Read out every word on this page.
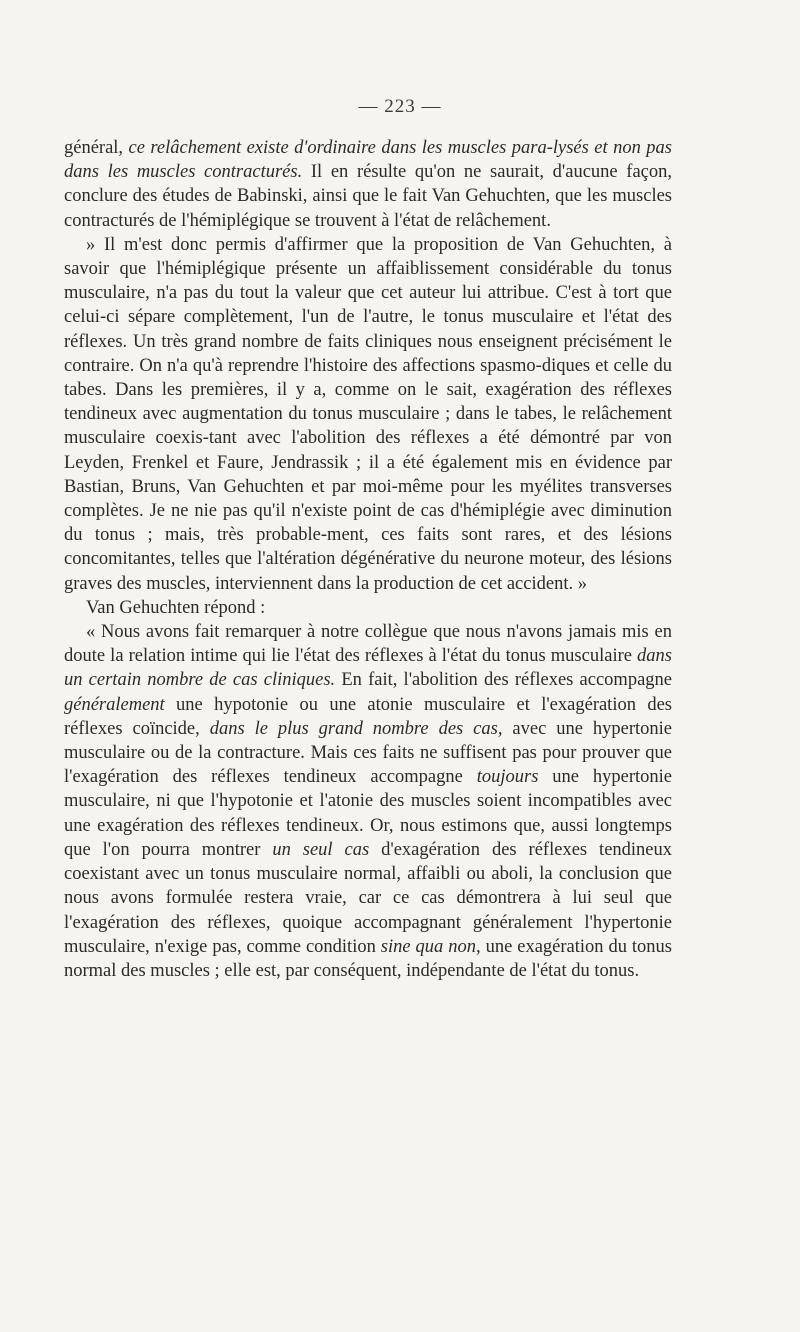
— 223 —

général, ce relâchement existe d'ordinaire dans les muscles para-lysés et non pas dans les muscles contracturés. Il en résulte qu'on ne saurait, d'aucune façon, conclure des études de Babinski, ainsi que le fait Van Gehuchten, que les muscles contracturés de l'hémiplégique se trouvent à l'état de relâchement.

» Il m'est donc permis d'affirmer que la proposition de Van Gehuchten, à savoir que l'hémiplégique présente un affaiblissement considérable du tonus musculaire, n'a pas du tout la valeur que cet auteur lui attribue. C'est à tort que celui-ci sépare complètement, l'un de l'autre, le tonus musculaire et l'état des réflexes. Un très grand nombre de faits cliniques nous enseignent précisément le contraire. On n'a qu'à reprendre l'histoire des affections spasmo-diques et celle du tabes. Dans les premières, il y a, comme on le sait, exagération des réflexes tendineux avec augmentation du tonus musculaire ; dans le tabes, le relâchement musculaire coexis-tant avec l'abolition des réflexes a été démontré par von Leyden, Frenkel et Faure, Jendrassik ; il a été également mis en évidence par Bastian, Bruns, Van Gehuchten et par moi-même pour les myélites transverses complètes. Je ne nie pas qu'il n'existe point de cas d'hémiplégie avec diminution du tonus ; mais, très probable-ment, ces faits sont rares, et des lésions concomitantes, telles que l'altération dégénérative du neurone moteur, des lésions graves des muscles, interviennent dans la production de cet accident. »

Van Gehuchten répond :

« Nous avons fait remarquer à notre collègue que nous n'avons jamais mis en doute la relation intime qui lie l'état des réflexes à l'état du tonus musculaire dans un certain nombre de cas cliniques. En fait, l'abolition des réflexes accompagne généralement une hypotonie ou une atonie musculaire et l'exagération des réflexes coïncide, dans le plus grand nombre des cas, avec une hypertonie musculaire ou de la contracture. Mais ces faits ne suffisent pas pour prouver que l'exagération des réflexes tendineux accompagne toujours une hypertonie musculaire, ni que l'hypotonie et l'atonie des muscles soient incompatibles avec une exagération des réflexes tendineux. Or, nous estimons que, aussi longtemps que l'on pourra montrer un seul cas d'exagération des réflexes tendineux coexistant avec un tonus musculaire normal, affaibli ou aboli, la conclusion que nous avons formulée restera vraie, car ce cas démontrera à lui seul que l'exagération des réflexes, quoique accompagnant généralement l'hypertonie musculaire, n'exige pas, comme condition sine qua non, une exagération du tonus normal des muscles ; elle est, par conséquent, indépendante de l'état du tonus.
